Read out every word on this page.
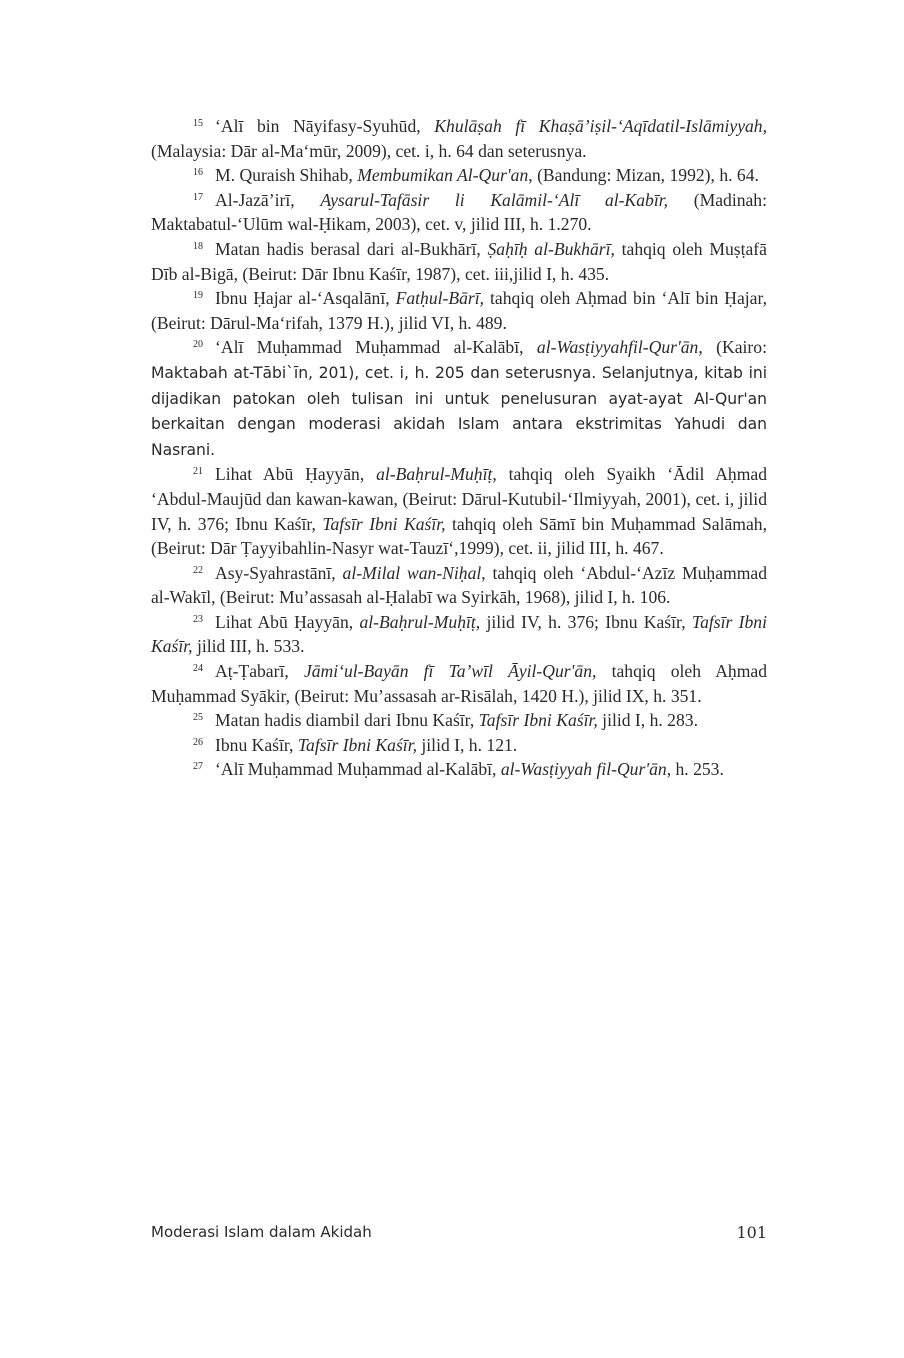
$^{15}$ ‘Alī bin Nāyifasy-Syuhūd, Khulāṣah fī Khaṣā’iṣil-‘Aqīdatil-Islāmiyyah, (Malaysia: Dār al-Ma‘mūr, 2009), cet. i, h. 64 dan seterusnya.

$^{16}$ M. Quraish Shihab, Membumikan Al-Qur'an, (Bandung: Mizan, 1992), h. 64.

$^{17}$ Al-Jazā’irī, Aysarul-Tafāsir li Kalāmil-‘Alī al-Kabīr, (Madinah: Maktabatul-‘Ulūm wal-Ḥikam, 2003), cet. v, jilid III, h. 1.270.

$^{18}$ Matan hadis berasal dari al-Bukhārī, Ṣaḥīḥ al-Bukhārī, tahqiq oleh Muṣṭafā Dīb al-Bigā, (Beirut: Dār Ibnu Kaśīr, 1987), cet. iii,jilid I, h. 435.

$^{19}$ Ibnu Ḥajar al-‘Asqalānī, Fatḥul-Bārī, tahqiq oleh Aḥmad bin ‘Alī bin Ḥajar, (Beirut: Dārul-Ma‘rifah, 1379 H.), jilid VI, h. 489.

$^{20}$ ‘Alī Muḥammad Muḥammad al-Kalābī, al-Wasṭiyyahfil-Qur'ān, (Kairo: Maktabah at-Tābi`īn, 201), cet. i, h. 205 dan seterusnya. Selanjutnya, kitab ini dijadikan patokan oleh tulisan ini untuk penelusuran ayat-ayat Al-Qur'an berkaitan dengan moderasi akidah Islam antara ekstrimitas Yahudi dan Nasrani.

$^{21}$ Lihat Abū Ḥayyān, al-Baḥrul-Muḥīṭ, tahqiq oleh Syaikh ‘Ādil Aḥmad ‘Abdul-Maujūd dan kawan-kawan, (Beirut: Dārul-Kutubil-‘Ilmiyyah, 2001), cet. i, jilid IV, h. 376; Ibnu Kaśīr, Tafsīr Ibni Kaśīr, tahqiq oleh Sāmī bin Muḥammad Salāmah, (Beirut: Dār Ṭayyibahlin-Nasyr wat-Tauzī‘,1999), cet. ii, jilid III, h. 467.

$^{22}$ Asy-Syahrastānī, al-Milal wan-Niḥal, tahqiq oleh ‘Abdul-‘Azīz Muḥammad al-Wakīl, (Beirut: Mu’assasah al-Ḥalabī wa Syirkāh, 1968), jilid I, h. 106.

$^{23}$ Lihat Abū Ḥayyān, al-Baḥrul-Muḥīṭ, jilid IV, h. 376; Ibnu Kaśīr, Tafsīr Ibni Kaśīr, jilid III, h. 533.

$^{24}$ Aṭ-Ṭabarī, Jāmi‘ul-Bayān fī Ta’wīl Āyil-Qur'ān, tahqiq oleh Aḥmad Muḥammad Syākir, (Beirut: Mu’assasah ar-Risālah, 1420 H.), jilid IX, h. 351.

$^{25}$ Matan hadis diambil dari Ibnu Kaśīr, Tafsīr Ibni Kaśīr, jilid I, h. 283.

$^{26}$ Ibnu Kaśīr, Tafsīr Ibni Kaśīr, jilid I, h. 121.

$^{27}$ ‘Alī Muḥammad Muḥammad al-Kalābī, al-Wasṭiyyah fil-Qur'ān, h. 253.

Moderasi Islam dalam Akidah	101
